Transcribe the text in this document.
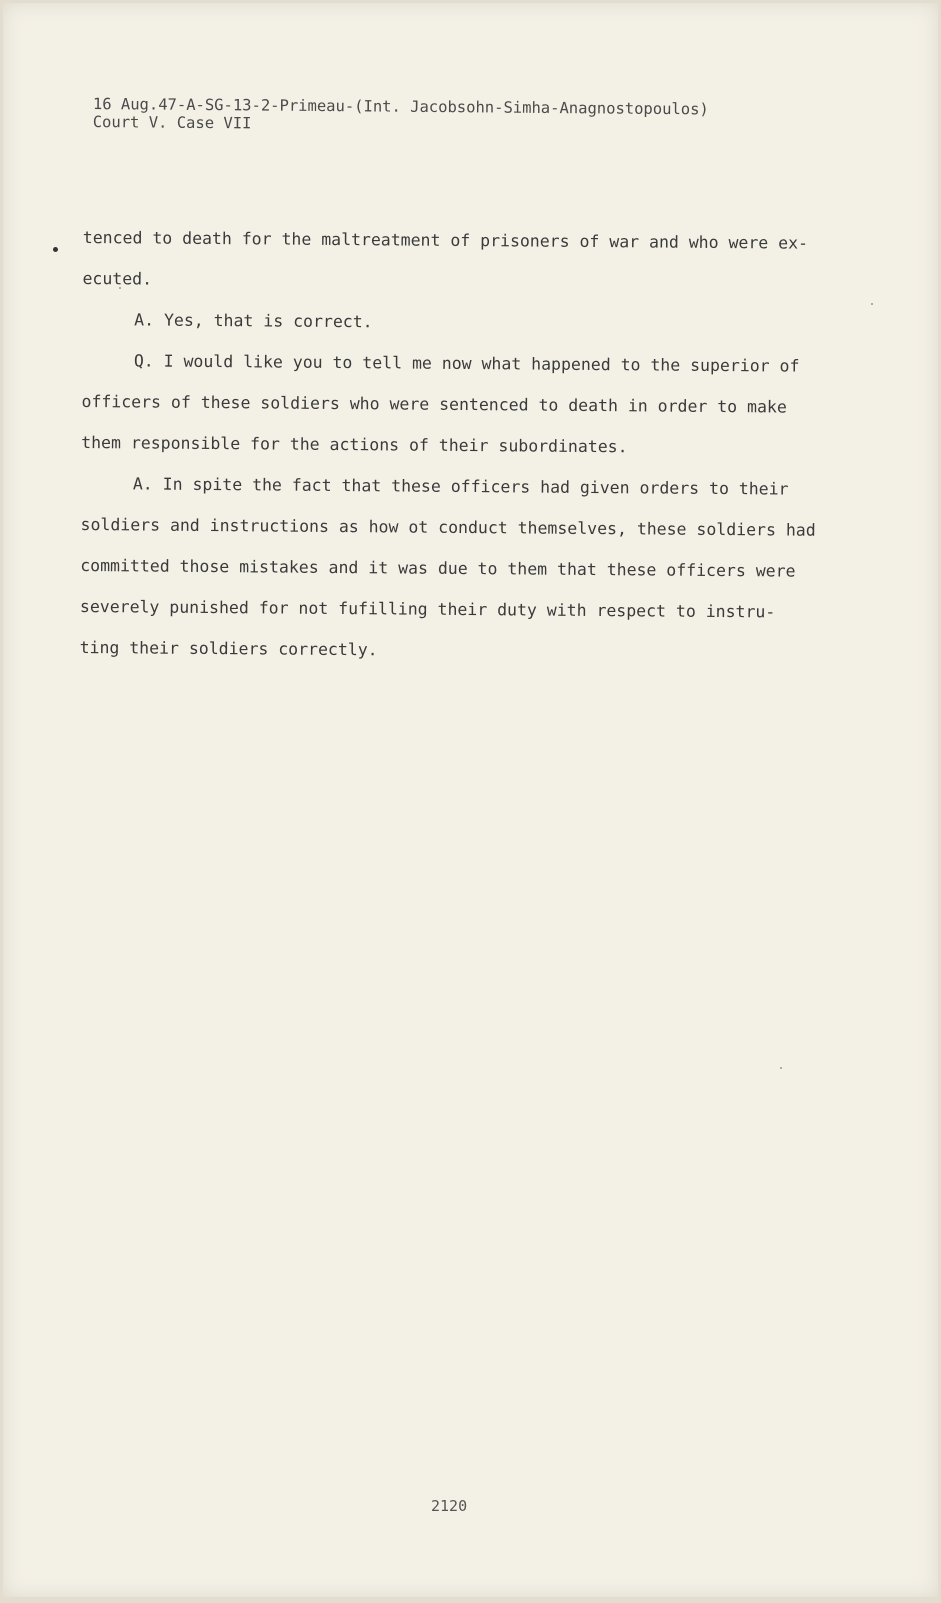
16 Aug.47-A-SG-13-2-Primeau-(Int. Jacobsohn-Simha-Anagnostopoulos)
Court V. Case VII
tenced to death for the maltreatment of prisoners of war and who were ex-
ecuted.
A. Yes, that is correct.
Q. I would like you to tell me now what happened to the superior of
officers of these soldiers who were sentenced to death in order to make
them responsible for the actions of their subordinates.
A. In spite the fact that these officers had given orders to their
soldiers and instructions as how ot conduct themselves, these soldiers had
committed those mistakes and it was due to them that these officers were
severely punished for not fufilling their duty with respect to instru-
ting their soldiers correctly.
2120
